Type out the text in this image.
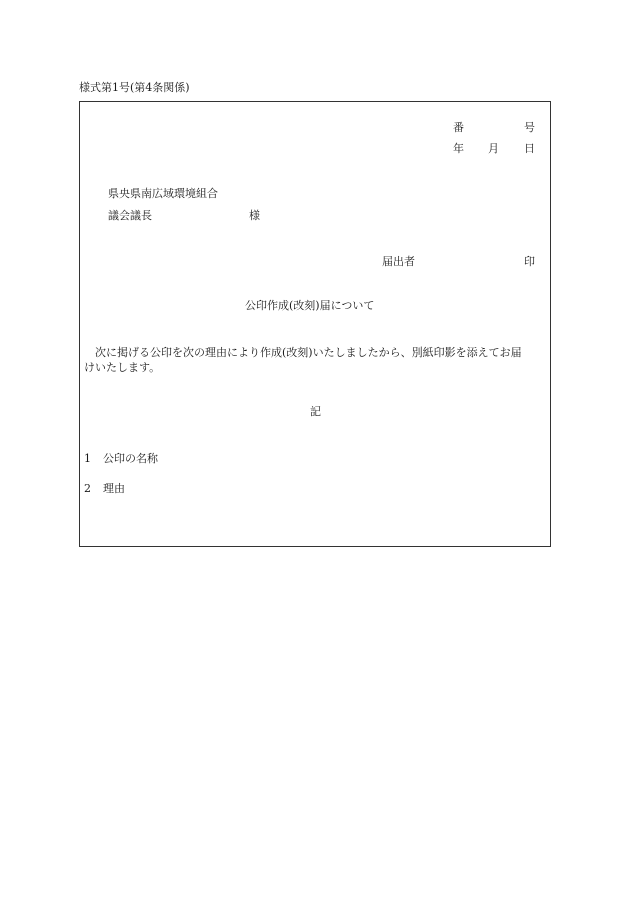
様式第1号(第4条関係)
番	号
年 月 日
県央県南広域環境組合
議会議長	様
届出者	印
公印作成(改刻)届について
次に掲げる公印を次の理由により作成(改刻)いたしましたから、別紙印影を添えてお届
けいたします。
記
1 公印の名称
2 理由
